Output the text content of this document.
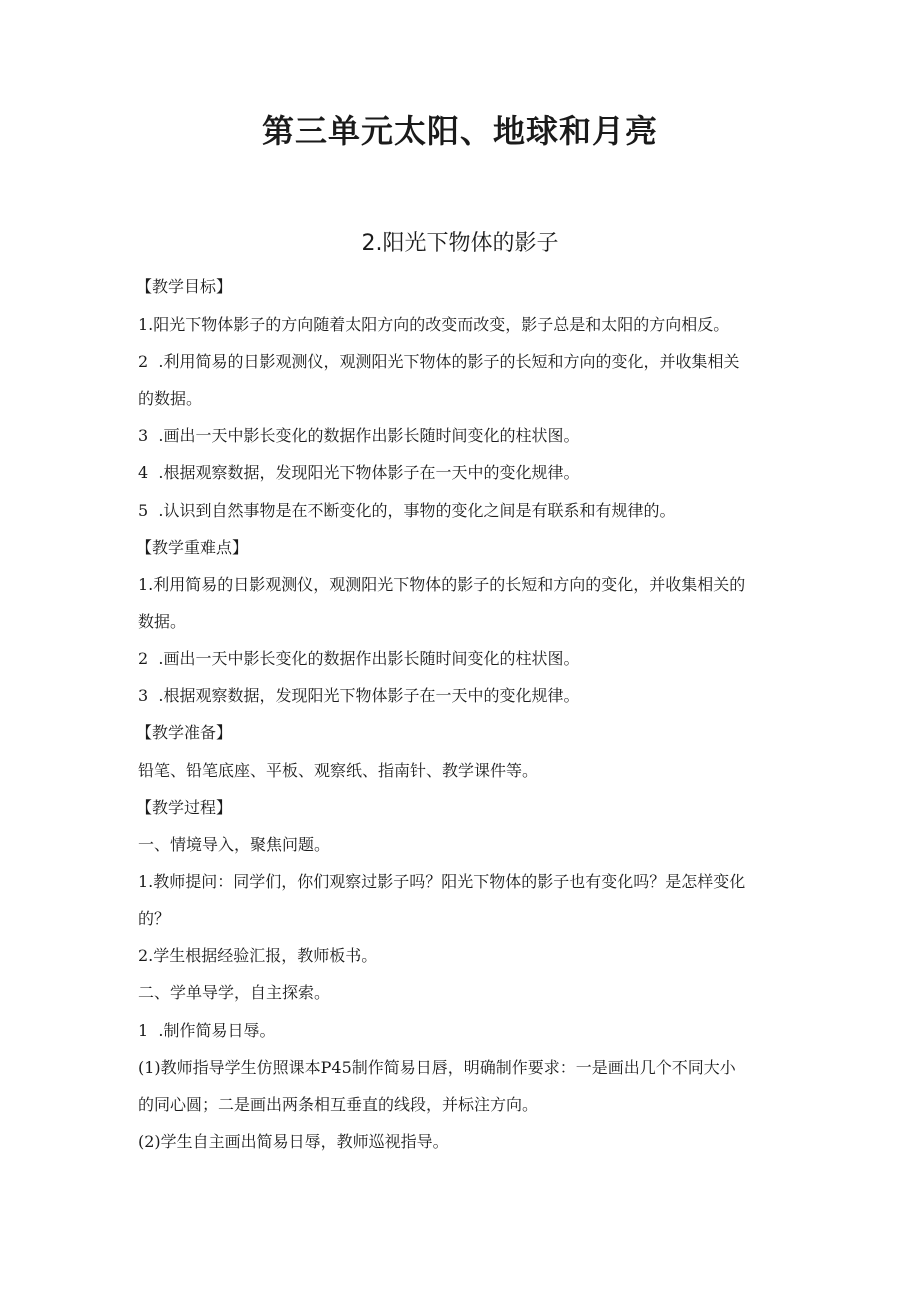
第三单元太阳、地球和月亮
2.阳光下物体的影子
【教学目标】
1.阳光下物体影子的方向随着太阳方向的改变而改变，影子总是和太阳的方向相反。
2  .利用简易的日影观测仪，观测阳光下物体的影子的长短和方向的变化，并收集相关
的数据。
3  .画出一天中影长变化的数据作出影长随时间变化的柱状图。
4  .根据观察数据，发现阳光下物体影子在一天中的变化规律。
5  .认识到自然事物是在不断变化的，事物的变化之间是有联系和有规律的。
【教学重难点】
1.利用简易的日影观测仪，观测阳光下物体的影子的长短和方向的变化，并收集相关的
数据。
2  .画出一天中影长变化的数据作出影长随时间变化的柱状图。
3  .根据观察数据，发现阳光下物体影子在一天中的变化规律。
【教学准备】
铅笔、铅笔底座、平板、观察纸、指南针、教学课件等。
【教学过程】
一、情境导入，聚焦问题。
1.教师提问：同学们，你们观察过影子吗？阳光下物体的影子也有变化吗？是怎样变化
的？
2.学生根据经验汇报，教师板书。
二、学单导学，自主探索。
1  .制作简易日辱。
(1)教师指导学生仿照课本P45制作简易日唇，明确制作要求：一是画出几个不同大小
的同心圆；二是画出两条相互垂直的线段，并标注方向。
(2)学生自主画出简易日辱，教师巡视指导。
